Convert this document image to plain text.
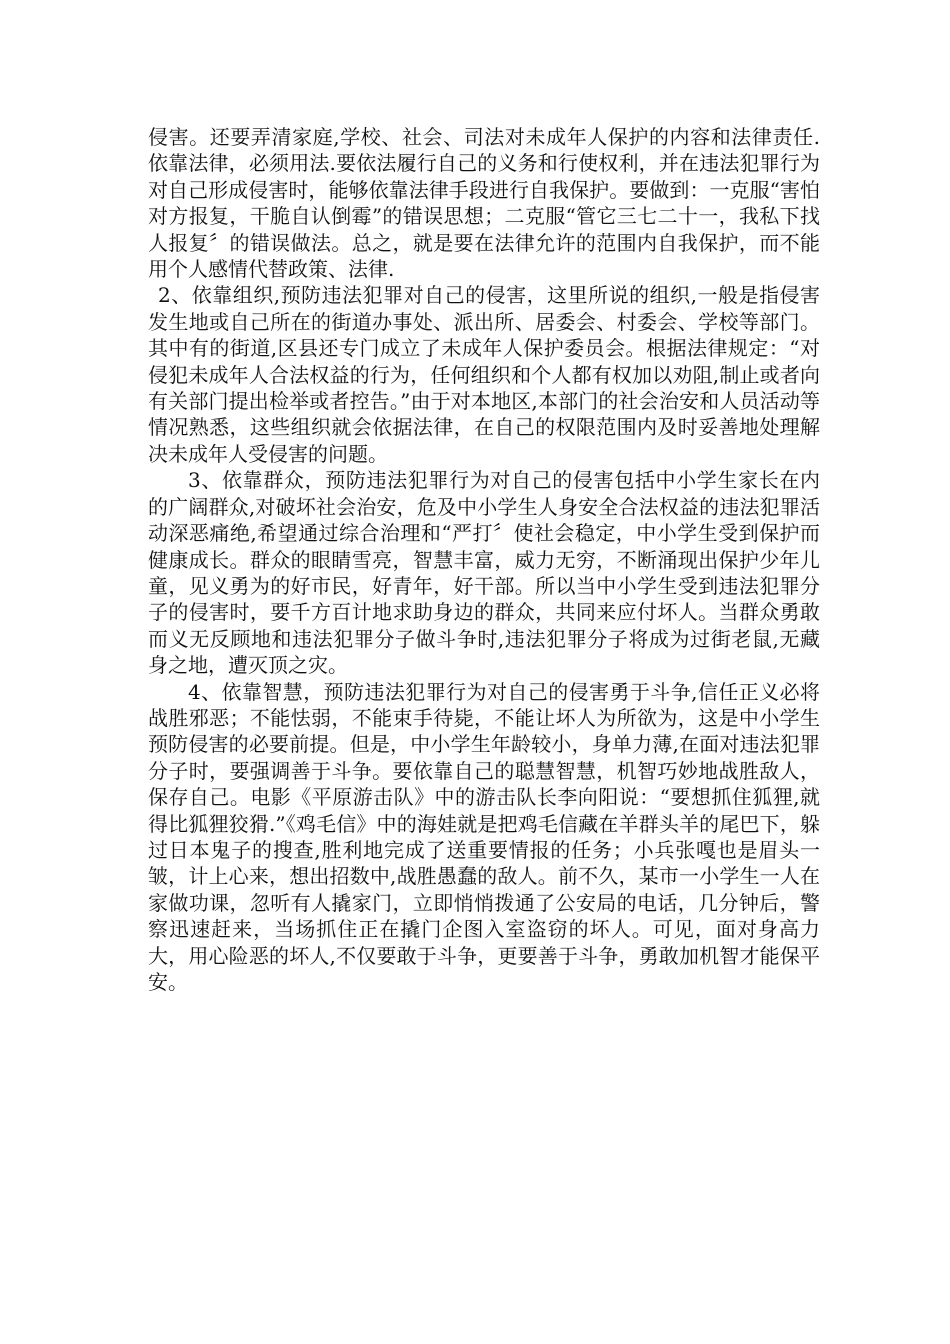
侵害。还要弄清家庭,学校、社会、司法对未成年人保护的内容和法律责任.依靠法律，必须用法.要依法履行自己的义务和行使权利，并在违法犯罪行为对自己形成侵害时，能够依靠法律手段进行自我保护。要做到：一克服“害怕对方报复，干脆自认倒霉”的错误思想；二克服“管它三七二十一，我私下找人报复〞的错误做法。总之，就是要在法律允许的范围内自我保护，而不能用个人感情代替政策、法律.

2、依靠组织,预防违法犯罪对自己的侵害，这里所说的组织,一般是指侵害发生地或自己所在的街道办事处、派出所、居委会、村委会、学校等部门。其中有的街道,区县还专门成立了未成年人保护委员会。根据法律规定：“对侵犯未成年人合法权益的行为，任何组织和个人都有权加以劝阻,制止或者向有关部门提出检举或者控告。”由于对本地区,本部门的社会治安和人员活动等情况熟悉，这些组织就会依据法律，在自己的权限范围内及时妥善地处理解决未成年人受侵害的问题。

3、依靠群众，预防违法犯罪行为对自己的侵害包括中小学生家长在内的广阔群众,对破坏社会治安，危及中小学生人身安全合法权益的违法犯罪活动深恶痛绝,希望通过综合治理和“严打〞使社会稳定，中小学生受到保护而健康成长。群众的眼睛雪亮，智慧丰富，威力无穷，不断涌现出保护少年儿童，见义勇为的好市民，好青年，好干部。所以当中小学生受到违法犯罪分子的侵害时，要千方百计地求助身边的群众，共同来应付坏人。当群众勇敢而义无反顾地和违法犯罪分子做斗争时,违法犯罪分子将成为过街老鼠,无藏身之地，遭灭顶之灾。

4、依靠智慧，预防违法犯罪行为对自己的侵害勇于斗争,信任正义必将战胜邪恶；不能怯弱，不能束手待毙，不能让坏人为所欲为，这是中小学生预防侵害的必要前提。但是，中小学生年龄较小，身单力薄,在面对违法犯罪分子时，要强调善于斗争。要依靠自己的聪慧智慧，机智巧妙地战胜敌人，保存自己。电影《平原游击队》中的游击队长李向阳说：“要想抓住狐狸,就得比狐狸狡猾.”《鸡毛信》中的海娃就是把鸡毛信藏在羊群头羊的尾巴下，躲过日本鬼子的搜查,胜利地完成了送重要情报的任务；小兵张嘎也是眉头一皱，计上心来，想出招数中,战胜愚蠢的敌人。前不久，某市一小学生一人在家做功课，忽听有人撬家门，立即悄悄拨通了公安局的电话，几分钟后，警察迅速赶来，当场抓住正在撬门企图入室盗窃的坏人。可见，面对身高力大，用心险恶的坏人,不仅要敢于斗争，更要善于斗争，勇敢加机智才能保平安。
